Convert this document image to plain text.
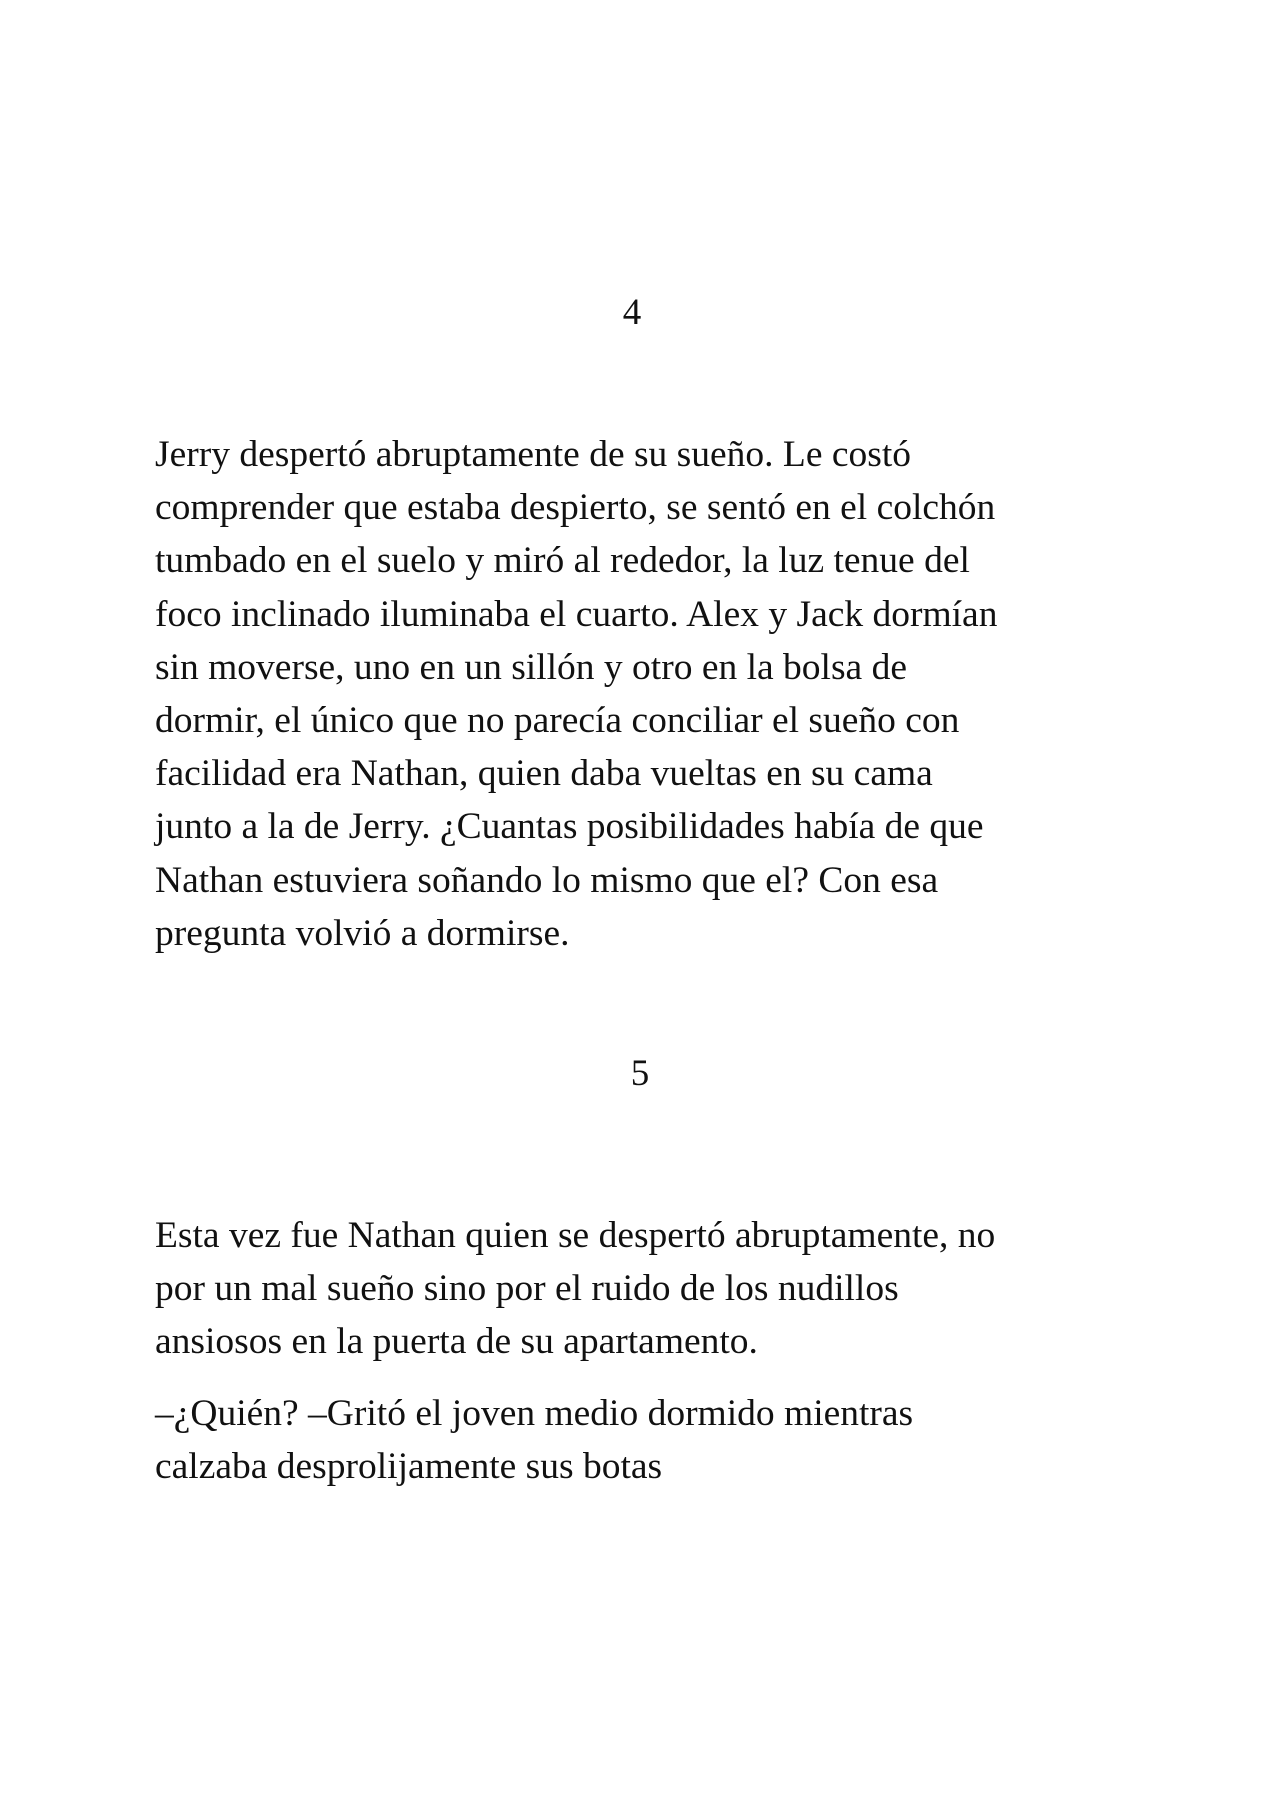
4

Jerry despertó abruptamente de su sueño. Le costó
comprender que estaba despierto, se sentó en el colchón
tumbado en el suelo y miró al rededor, la luz tenue del
foco inclinado iluminaba el cuarto. Alex y Jack dormían
sin moverse, uno en un sillón y otro en la bolsa de
dormir, el único que no parecía conciliar el sueño con
facilidad era Nathan, quien daba vueltas en su cama
junto a la de Jerry. ¿Cuantas posibilidades había de que
Nathan estuviera soñando lo mismo que el? Con esa
pregunta volvió a dormirse.

5

Esta vez fue Nathan quien se despertó abruptamente, no
por un mal sueño sino por el ruido de los nudillos
ansiosos en la puerta de su apartamento.

–¿Quién? –Gritó el joven medio dormido mientras
calzaba desprolijamente sus botas
